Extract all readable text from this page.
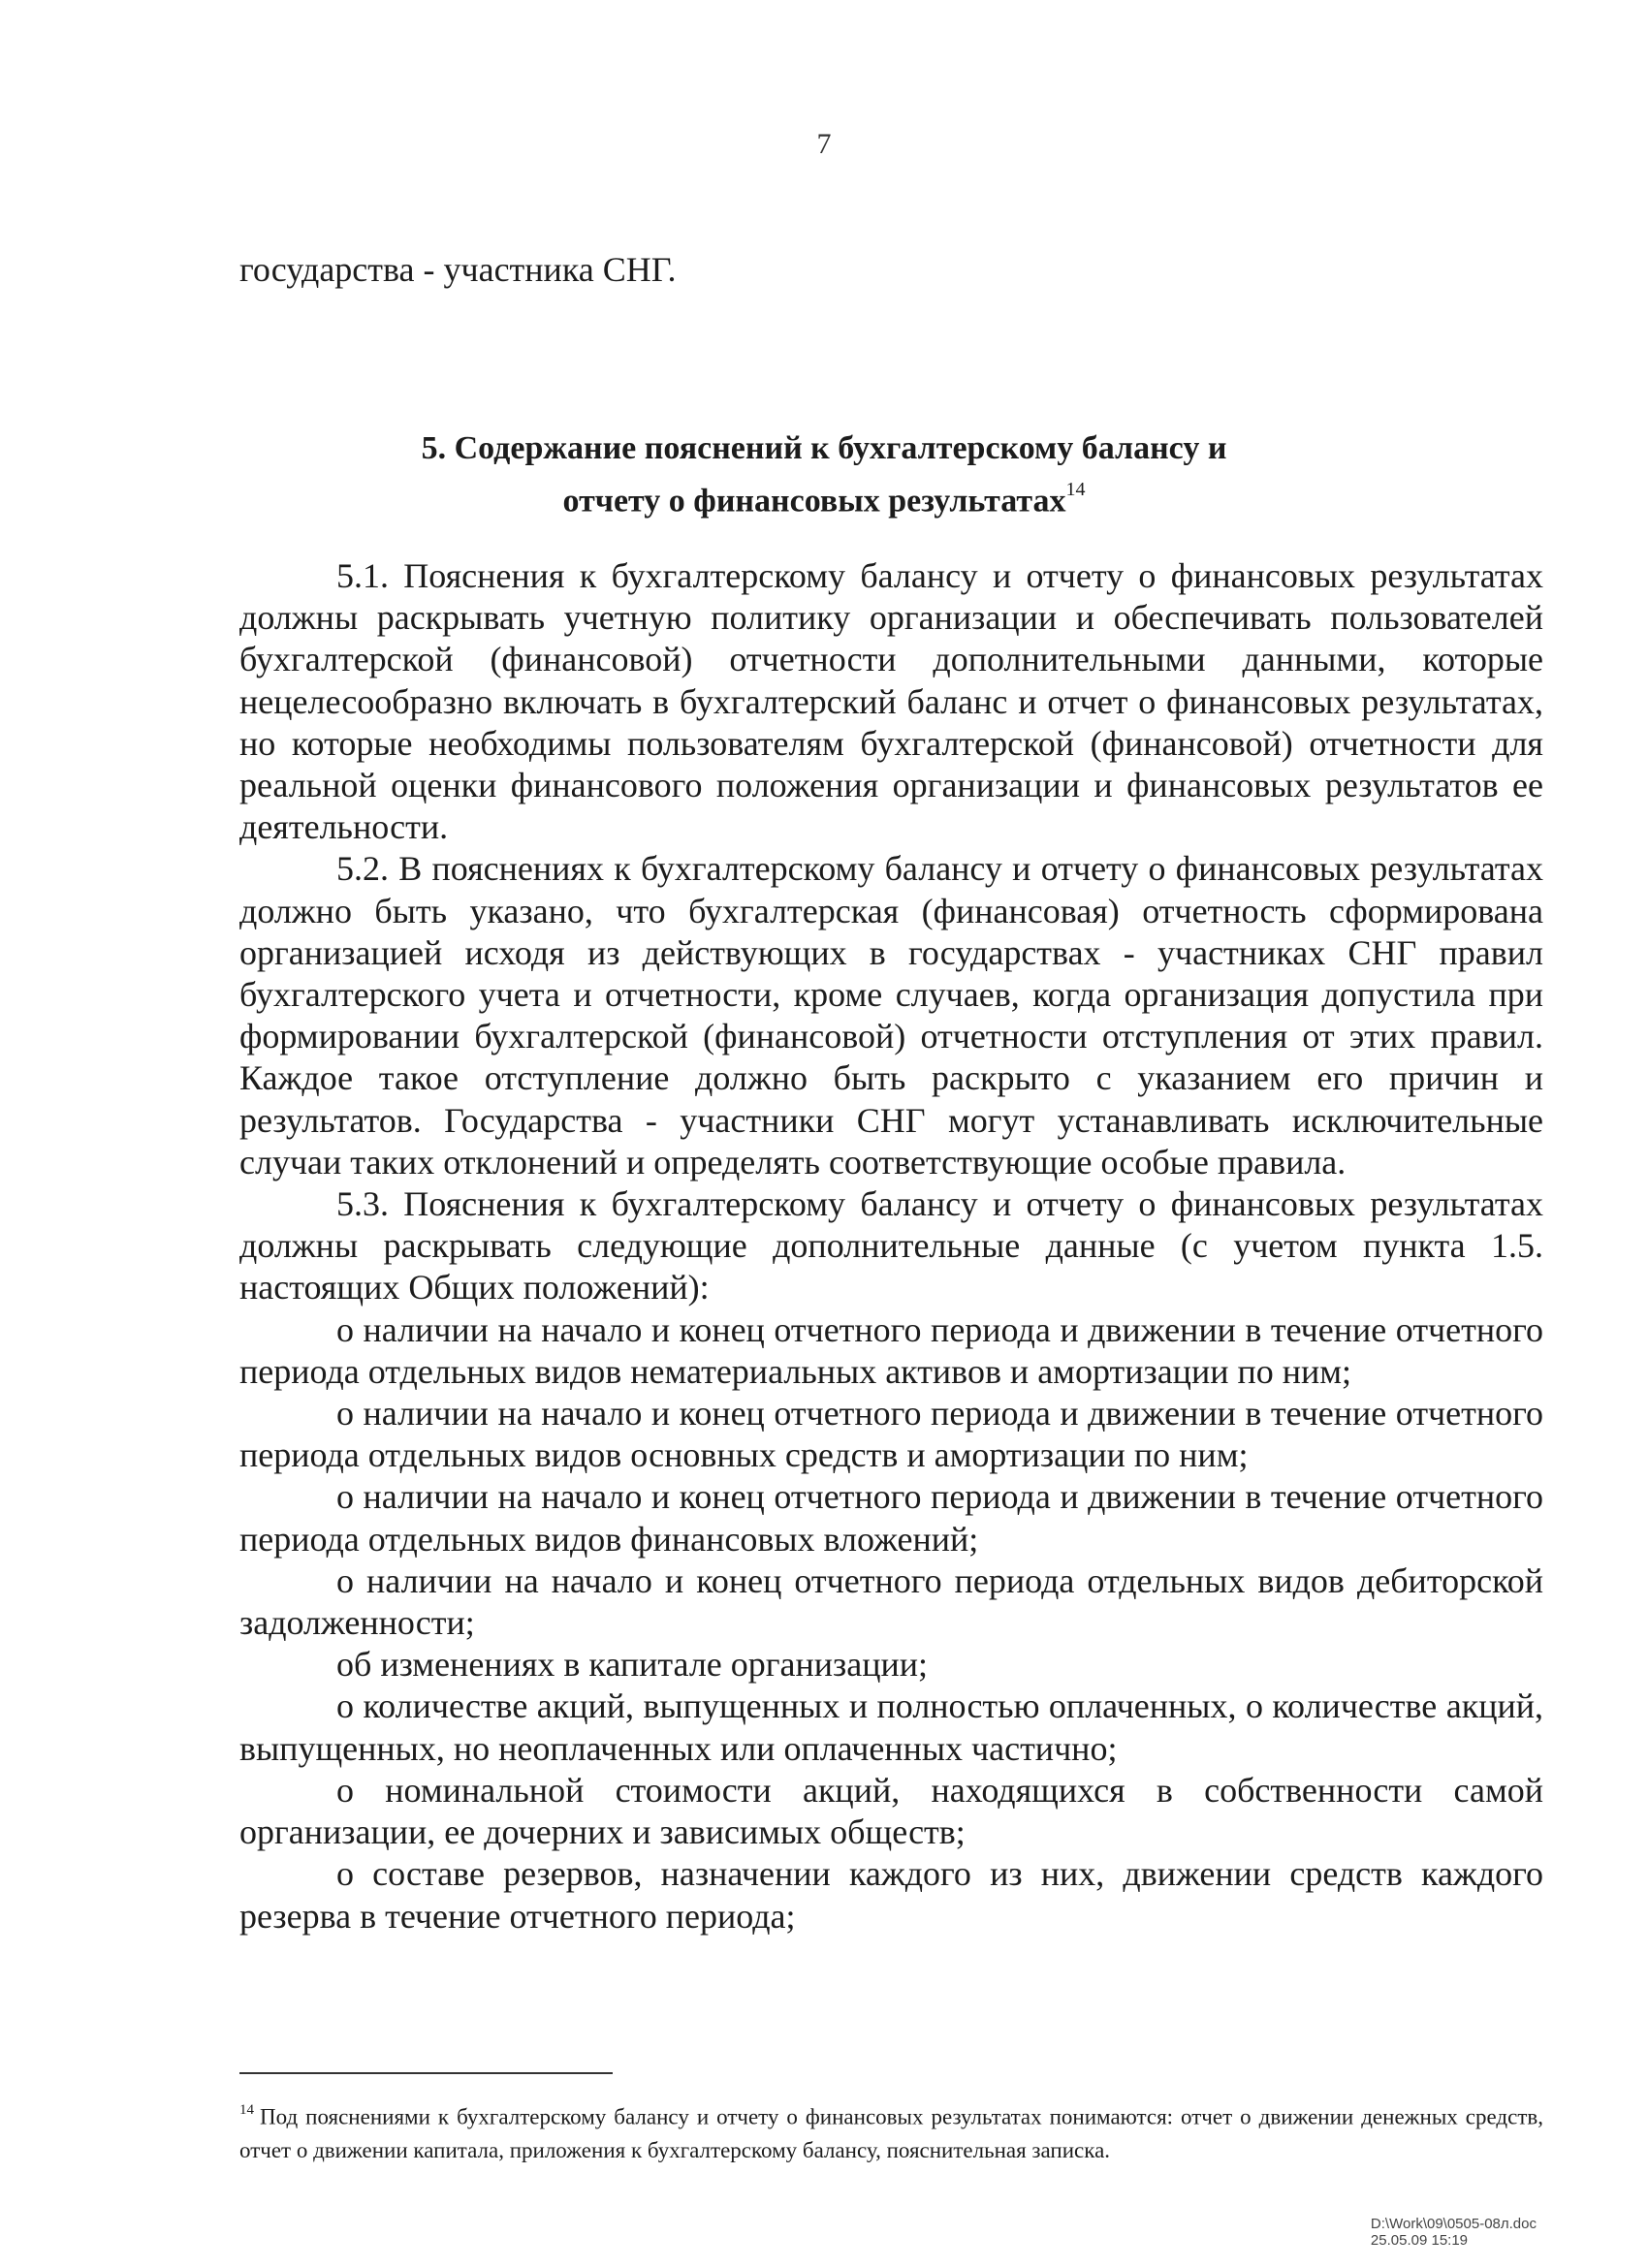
7

государства - участника СНГ.

5. Содержание пояснений к бухгалтерскому балансу и
отчету о финансовых результатах$^{14}$

5.1. Пояснения к бухгалтерскому балансу и отчету о финансовых результатах должны раскрывать учетную политику организации и обеспечивать пользователей бухгалтерской (финансовой) отчетности дополнительными данными, которые нецелесообразно включать в бухгалтерский баланс и отчет о финансовых результатах, но которые необходимы пользователям бухгалтерской (финансовой) отчетности для реальной оценки финансового положения организации и финансовых результатов ее деятельности.

5.2. В пояснениях к бухгалтерскому балансу и отчету о финансовых результатах должно быть указано, что бухгалтерская (финансовая) отчетность сформирована организацией исходя из действующих в государствах - участниках СНГ правил бухгалтерского учета и отчетности, кроме случаев, когда организация допустила при формировании бухгалтерской (финансовой) отчетности отступления от этих правил. Каждое такое отступление должно быть раскрыто с указанием его причин и результатов. Государства - участники СНГ могут устанавливать исключительные случаи таких отклонений и определять соответствующие особые правила.

5.3. Пояснения к бухгалтерскому балансу и отчету о финансовых результатах должны раскрывать следующие дополнительные данные (с учетом пункта 1.5. настоящих Общих положений):

о наличии на начало и конец отчетного периода и движении в течение отчетного периода отдельных видов нематериальных активов и амортизации по ним;

о наличии на начало и конец отчетного периода и движении в течение отчетного периода отдельных видов основных средств и амортизации по ним;

о наличии на начало и конец отчетного периода и движении в течение отчетного периода отдельных видов финансовых вложений;

о наличии на начало и конец отчетного периода отдельных видов дебиторской задолженности;

об изменениях в капитале организации;

о количестве акций, выпущенных и полностью оплаченных, о количестве акций, выпущенных, но неоплаченных или оплаченных частично;

о номинальной стоимости акций, находящихся в собственности самой организации, ее дочерних и зависимых обществ;

о составе резервов, назначении каждого из них, движении средств каждого резерва в течение отчетного периода;

$^{14}$ Под пояснениями к бухгалтерскому балансу и отчету о финансовых результатах понимаются: отчет о движении денежных средств, отчет о движении капитала, приложения к бухгалтерскому балансу, пояснительная записка.

D:\Work\09\0505-08л.doc
25.05.09 15:19
